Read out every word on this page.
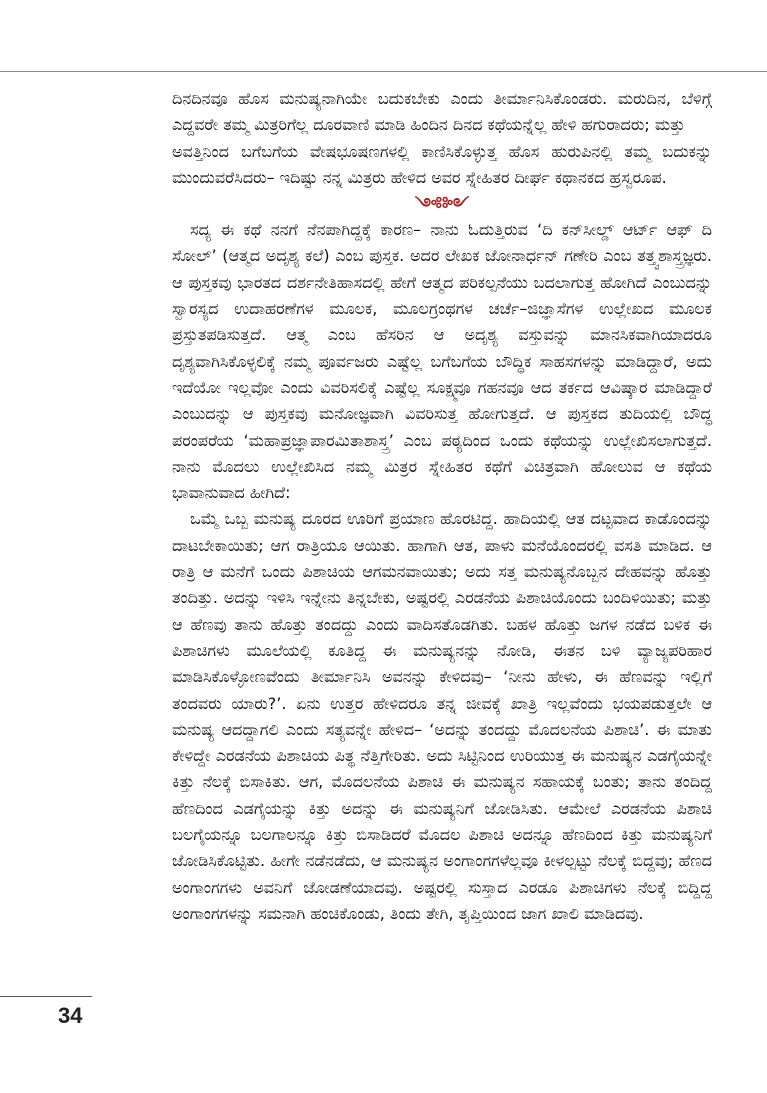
ದಿನದಿನವೂ ಹೊಸ ಮನುಷ್ಯನಾಗಿಯೇ ಬದುಕಬೇಕು ಎಂದು ತೀರ್ಮಾನಿಸಿಕೊಂಡರು. ಮರುದಿನ, ಬೆಳಿಗ್ಗೆ ಎದ್ದವರೇ ತಮ್ಮ ಮಿತ್ರರಿಗೆಲ್ಲ ದೂರವಾಣಿ ಮಾಡಿ ಹಿಂದಿನ ದಿನದ ಕಥೆಯನ್ನೆಲ್ಲ ಹೇಳಿ ಹಗುರಾದರು; ಮತ್ತು

ಅವತ್ತಿನಿಂದ ಬಗೆಬಗೆಯ ವೇಷಭೂಷಣಗಳಲ್ಲಿ ಕಾಣಿಸಿಕೊಳ್ಳುತ್ತ ಹೊಸ ಹುರುಪಿನಲ್ಲಿ ತಮ್ಮ ಬದುಕನ್ನು ಮುಂದುವರೆಸಿದರು– ಇದಿಷ್ಟು ನನ್ನ ಮಿತ್ರರು ಹೇಳಿದ ಅವರ ಸ್ನೇಹಿತರ ದೀರ್ಘ ಕಥಾನಕದ ಹ್ರಸ್ವರೂಪ.

༺༻

ಸದ್ಯ ಈ ಕಥೆ ನನಗೆ ನೆನಪಾಗಿದ್ದಕ್ಕೆ ಕಾರಣ– ನಾನು ಓದುತ್ತಿರುವ ‘ದಿ ಕನ್‌ಸೀಲ್ಡ್ ಆರ್ಟ್ ಆಫ್ ದಿ ಸೋಲ್’ (ಆತ್ಮದ ಅದೃಶ್ಯ ಕಲೆ) ಎಂಬ ಪುಸ್ತಕ. ಅದರ ಲೇಖಕ ಜೋನಾರ್ಧನ್ ಗಣೇರಿ ಎಂಬ ತತ್ತ್ವಶಾಸ್ತ್ರಜ್ಞರು. ಆ ಪುಸ್ತಕವು ಭಾರತದ ದರ್ಶನೇತಿಹಾಸದಲ್ಲಿ ಹೇಗೆ ಆತ್ಮದ ಪರಿಕಲ್ಪನೆಯು ಬದಲಾಗುತ್ತ ಹೋಗಿದೆ ಎಂಬುದನ್ನು ಸ್ವಾರಸ್ಯದ ಉದಾಹರಣೆಗಳ ಮೂಲಕ, ಮೂಲಗ್ರಂಥಗಳ ಚರ್ಚೆ–ಜಿಜ್ಞಾಸೆಗಳ ಉಲ್ಲೇಖದ ಮೂಲಕ ಪ್ರಸ್ತುತಪಡಿಸುತ್ತದೆ. ಆತ್ಮ ಎಂಬ ಹೆಸರಿನ ಆ ಅದೃಶ್ಯ ವಸ್ತುವನ್ನು ಮಾನಸಿಕವಾಗಿಯಾದರೂ ದೃಶ್ಯವಾಗಿಸಿಕೊಳ್ಳಲಿಕ್ಕೆ ನಮ್ಮ ಪೂರ್ವಜರು ಎಷ್ಟೆಲ್ಲ ಬಗೆಬಗೆಯ ಬೌದ್ಧಿಕ ಸಾಹಸಗಳನ್ನು ಮಾಡಿದ್ದಾರೆ, ಅದು ಇದೆಯೋ ಇಲ್ಲವೋ ಎಂದು ವಿವರಿಸಲಿಕ್ಕೆ ಎಷ್ಟೆಲ್ಲ ಸೂಕ್ಷ್ಮವೂ ಗಹನವೂ ಆದ ತರ್ಕದ ಆವಿಷ್ಕಾರ ಮಾಡಿದ್ದಾರೆ ಎಂಬುದನ್ನು ಆ ಪುಸ್ತಕವು ಮನೋಜ್ಞವಾಗಿ ವಿವರಿಸುತ್ತ ಹೋಗುತ್ತದೆ. ಆ ಪುಸ್ತಕದ ತುದಿಯಲ್ಲಿ ಬೌದ್ಧ ಪರಂಪರೆಯ ‘ಮಹಾಪ್ರಜ್ಞಾಪಾರಮಿತಾಶಾಸ್ತ್ರ’ ಎಂಬ ಪಠ್ಯದಿಂದ ಒಂದು ಕಥೆಯನ್ನು ಉಲ್ಲೇಖಿಸಲಾಗುತ್ತದೆ. ನಾನು ಮೊದಲು ಉಲ್ಲೇಖಿಸಿದ ನಮ್ಮ ಮಿತ್ರರ ಸ್ನೇಹಿತರ ಕಥೆಗೆ ವಿಚಿತ್ರವಾಗಿ ಹೋಲುವ ಆ ಕಥೆಯ ಭಾವಾನುವಾದ ಹೀಗಿದೆ:

ಒಮ್ಮೆ ಒಬ್ಬ ಮನುಷ್ಯ ದೂರದ ಊರಿಗೆ ಪ್ರಯಾಣ ಹೊರಟಿದ್ದ. ಹಾದಿಯಲ್ಲಿ ಆತ ದಟ್ಟವಾದ ಕಾಡೊಂದನ್ನು ದಾಟಬೇಕಾಯಿತು; ಆಗ ರಾತ್ರಿಯೂ ಆಯಿತು. ಹಾಗಾಗಿ ಆತ, ಪಾಳು ಮನೆಯೊಂದರಲ್ಲಿ ವಸತಿ ಮಾಡಿದ. ಆ ರಾತ್ರಿ ಆ ಮನೆಗೆ ಒಂದು ಪಿಶಾಚಿಯ ಆಗಮನವಾಯಿತು; ಅದು ಸತ್ತ ಮನುಷ್ಯನೊಬ್ಬನ ದೇಹವನ್ನು ಹೊತ್ತು ತಂದಿತ್ತು. ಅದನ್ನು ಇಳಿಸಿ ಇನ್ನೇನು ತಿನ್ನಬೇಕು, ಅಷ್ಟರಲ್ಲಿ ಎರಡನೆಯ ಪಿಶಾಚಿಯೊಂದು ಬಂದಿಳಿಯಿತು; ಮತ್ತು ಆ ಹೆಣವು ತಾನು ಹೊತ್ತು ತಂದದ್ದು ಎಂದು ವಾದಿಸತೊಡಗಿತು. ಬಹಳ ಹೊತ್ತು ಜಗಳ ನಡೆದ ಬಳಿಕ ಈ ಪಿಶಾಚಿಗಳು ಮೂಲೆಯಲ್ಲಿ ಕೂತಿದ್ದ ಈ ಮನುಷ್ಯನನ್ನು ನೋಡಿ, ಈತನ ಬಳಿ ವ್ಯಾಜ್ಯಪರಿಹಾರ ಮಾಡಿಸಿಕೊಳ್ಳೋಣವೆಂದು ತೀರ್ಮಾನಿಸಿ ಅವನನ್ನು ಕೇಳಿದವು– ‘ನೀನು ಹೇಳು, ಈ ಹೆಣವನ್ನು ಇಲ್ಲಿಗೆ ತಂದವರು ಯಾರು?’. ಏನು ಉತ್ತರ ಹೇಳಿದರೂ ತನ್ನ ಜೀವಕ್ಕೆ ಖಾತ್ರಿ ಇಲ್ಲವೆಂದು ಭಯಪಡುತ್ತಲೇ ಆ ಮನುಷ್ಯ ಆದದ್ದಾಗಲಿ ಎಂದು ಸತ್ಯವನ್ನೇ ಹೇಳಿದ– ‘ಅದನ್ನು ತಂದದ್ದು ಮೊದಲನೆಯ ಪಿಶಾಚಿ’. ಈ ಮಾತು ಕೇಳಿದ್ದೇ ಎರಡನೆಯ ಪಿಶಾಚಿಯ ಪಿತ್ಥ ನೆತ್ತಿಗೇರಿತು. ಅದು ಸಿಟ್ಟಿನಿಂದ ಉರಿಯುತ್ತ ಈ ಮನುಷ್ಯನ ಎಡಗೈಯನ್ನೇ ಕಿತ್ತು ನೆಲಕ್ಕೆ ಬಿಸಾಕಿತು. ಆಗ, ಮೊದಲನೆಯ ಪಿಶಾಚಿ ಈ ಮನುಷ್ಯನ ಸಹಾಯಕ್ಕೆ ಬಂತು; ತಾನು ತಂದಿದ್ದ ಹೆಣದಿಂದ ಎಡಗೈಯನ್ನು ಕಿತ್ತು ಅದನ್ನು ಈ ಮನುಷ್ಯನಿಗೆ ಜೋಡಿಸಿತು. ಆಮೇಲೆ ಎರಡನೆಯ ಪಿಶಾಚಿ ಬಲಗೈಯನ್ನೂ ಬಲಗಾಲನ್ನೂ ಕಿತ್ತು ಬಿಸಾಡಿದರೆ ಮೊದಲ ಪಿಶಾಚಿ ಅದನ್ನೂ ಹೆಣದಿಂದ ಕಿತ್ತು ಮನುಷ್ಯನಿಗೆ ಜೋಡಿಸಿಕೊಟ್ಟಿತು. ಹೀಗೇ ನಡೆನಡೆದು, ಆ ಮನುಷ್ಯನ ಅಂಗಾಂಗಗಳೆಲ್ಲವೂ ಕೀಳಲ್ಪಟ್ಟು ನೆಲಕ್ಕೆ ಬಿದ್ದವು; ಹೆಣದ ಅಂಗಾಂಗಗಳು ಅವನಿಗೆ ಜೋಡಣೆಯಾದವು. ಅಷ್ಟರಲ್ಲಿ ಸುಸ್ತಾದ ಎರಡೂ ಪಿಶಾಚಿಗಳು ನೆಲಕ್ಕೆ ಬಿದ್ದಿದ್ದ ಅಂಗಾಂಗಗಳನ್ನು ಸಮನಾಗಿ ಹಂಚಿಕೊಂಡು, ತಿಂದು ತೇಗಿ, ತೃಪ್ತಿಯಿಂದ ಜಾಗ ಖಾಲಿ ಮಾಡಿದವು.

34
